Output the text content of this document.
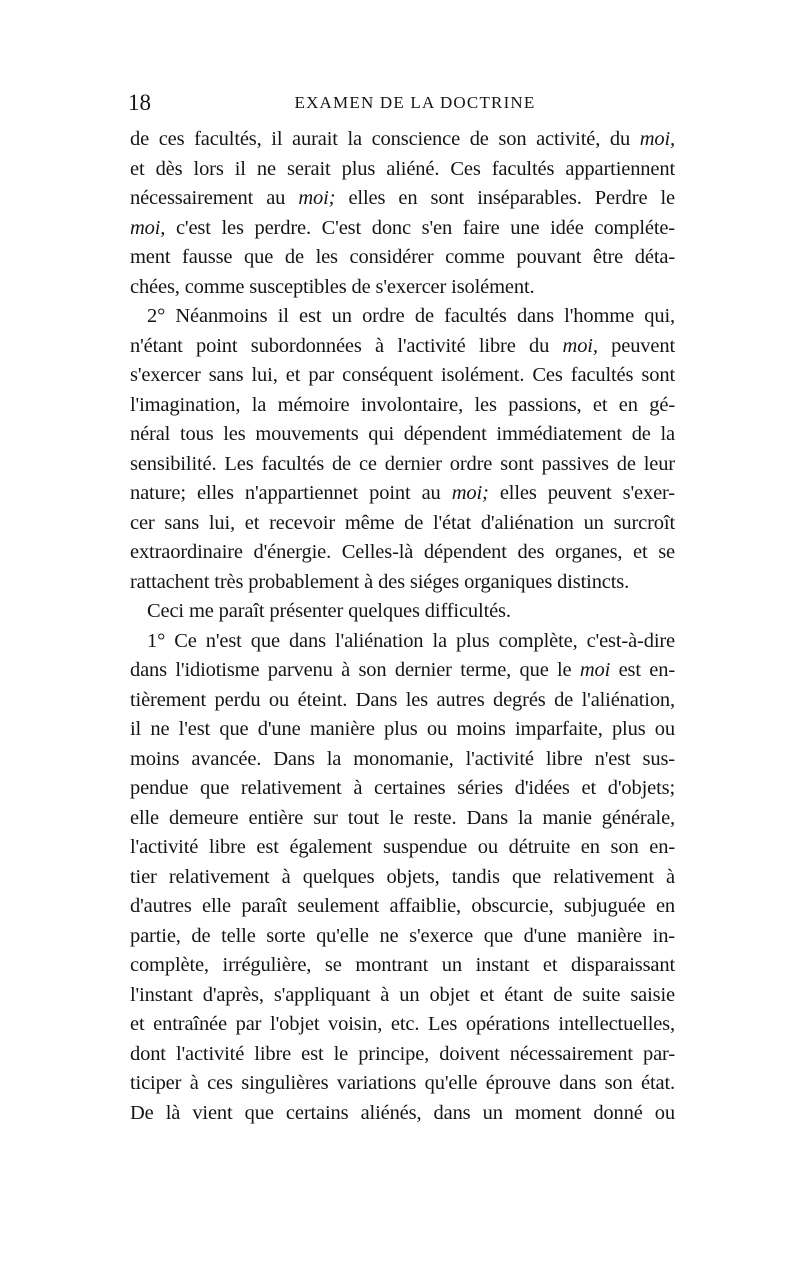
18	EXAMEN DE LA DOCTRINE
de ces facultés, il aurait la conscience de son activité, du moi,
et dès lors il ne serait plus aliéné. Ces facultés appartiennent
nécessairement au moi; elles en sont inséparables. Perdre le
moi, c'est les perdre. C'est donc s'en faire une idée compléte-
ment fausse que de les considérer comme pouvant être déta-
chées, comme susceptibles de s'exercer isolément.
2° Néanmoins il est un ordre de facultés dans l'homme qui,
n'étant point subordonnées à l'activité libre du moi, peuvent
s'exercer sans lui, et par conséquent isolément. Ces facultés sont
l'imagination, la mémoire involontaire, les passions, et en gé-
néral tous les mouvements qui dépendent immédiatement de la
sensibilité. Les facultés de ce dernier ordre sont passives de leur
nature; elles n'appartiennet point au moi; elles peuvent s'exer-
cer sans lui, et recevoir même de l'état d'aliénation un surcroît
extraordinaire d'énergie. Celles-là dépendent des organes, et se
rattachent très probablement à des siéges organiques distincts.
Ceci me paraît présenter quelques difficultés.
1° Ce n'est que dans l'aliénation la plus complète, c'est-à-dire
dans l'idiotisme parvenu à son dernier terme, que le moi est en-
tièrement perdu ou éteint. Dans les autres degrés de l'aliénation,
il ne l'est que d'une manière plus ou moins imparfaite, plus ou
moins avancée. Dans la monomanie, l'activité libre n'est sus-
pendue que relativement à certaines séries d'idées et d'objets;
elle demeure entière sur tout le reste. Dans la manie générale,
l'activité libre est également suspendue ou détruite en son en-
tier relativement à quelques objets, tandis que relativement à
d'autres elle paraît seulement affaiblie, obscurcie, subjuguée en
partie, de telle sorte qu'elle ne s'exerce que d'une manière in-
complète, irrégulière, se montrant un instant et disparaissant
l'instant d'après, s'appliquant à un objet et étant de suite saisie
et entraînée par l'objet voisin, etc. Les opérations intellectuelles,
dont l'activité libre est le principe, doivent nécessairement par-
ticiper à ces singulières variations qu'elle éprouve dans son état.
De là vient que certains aliénés, dans un moment donné ou
